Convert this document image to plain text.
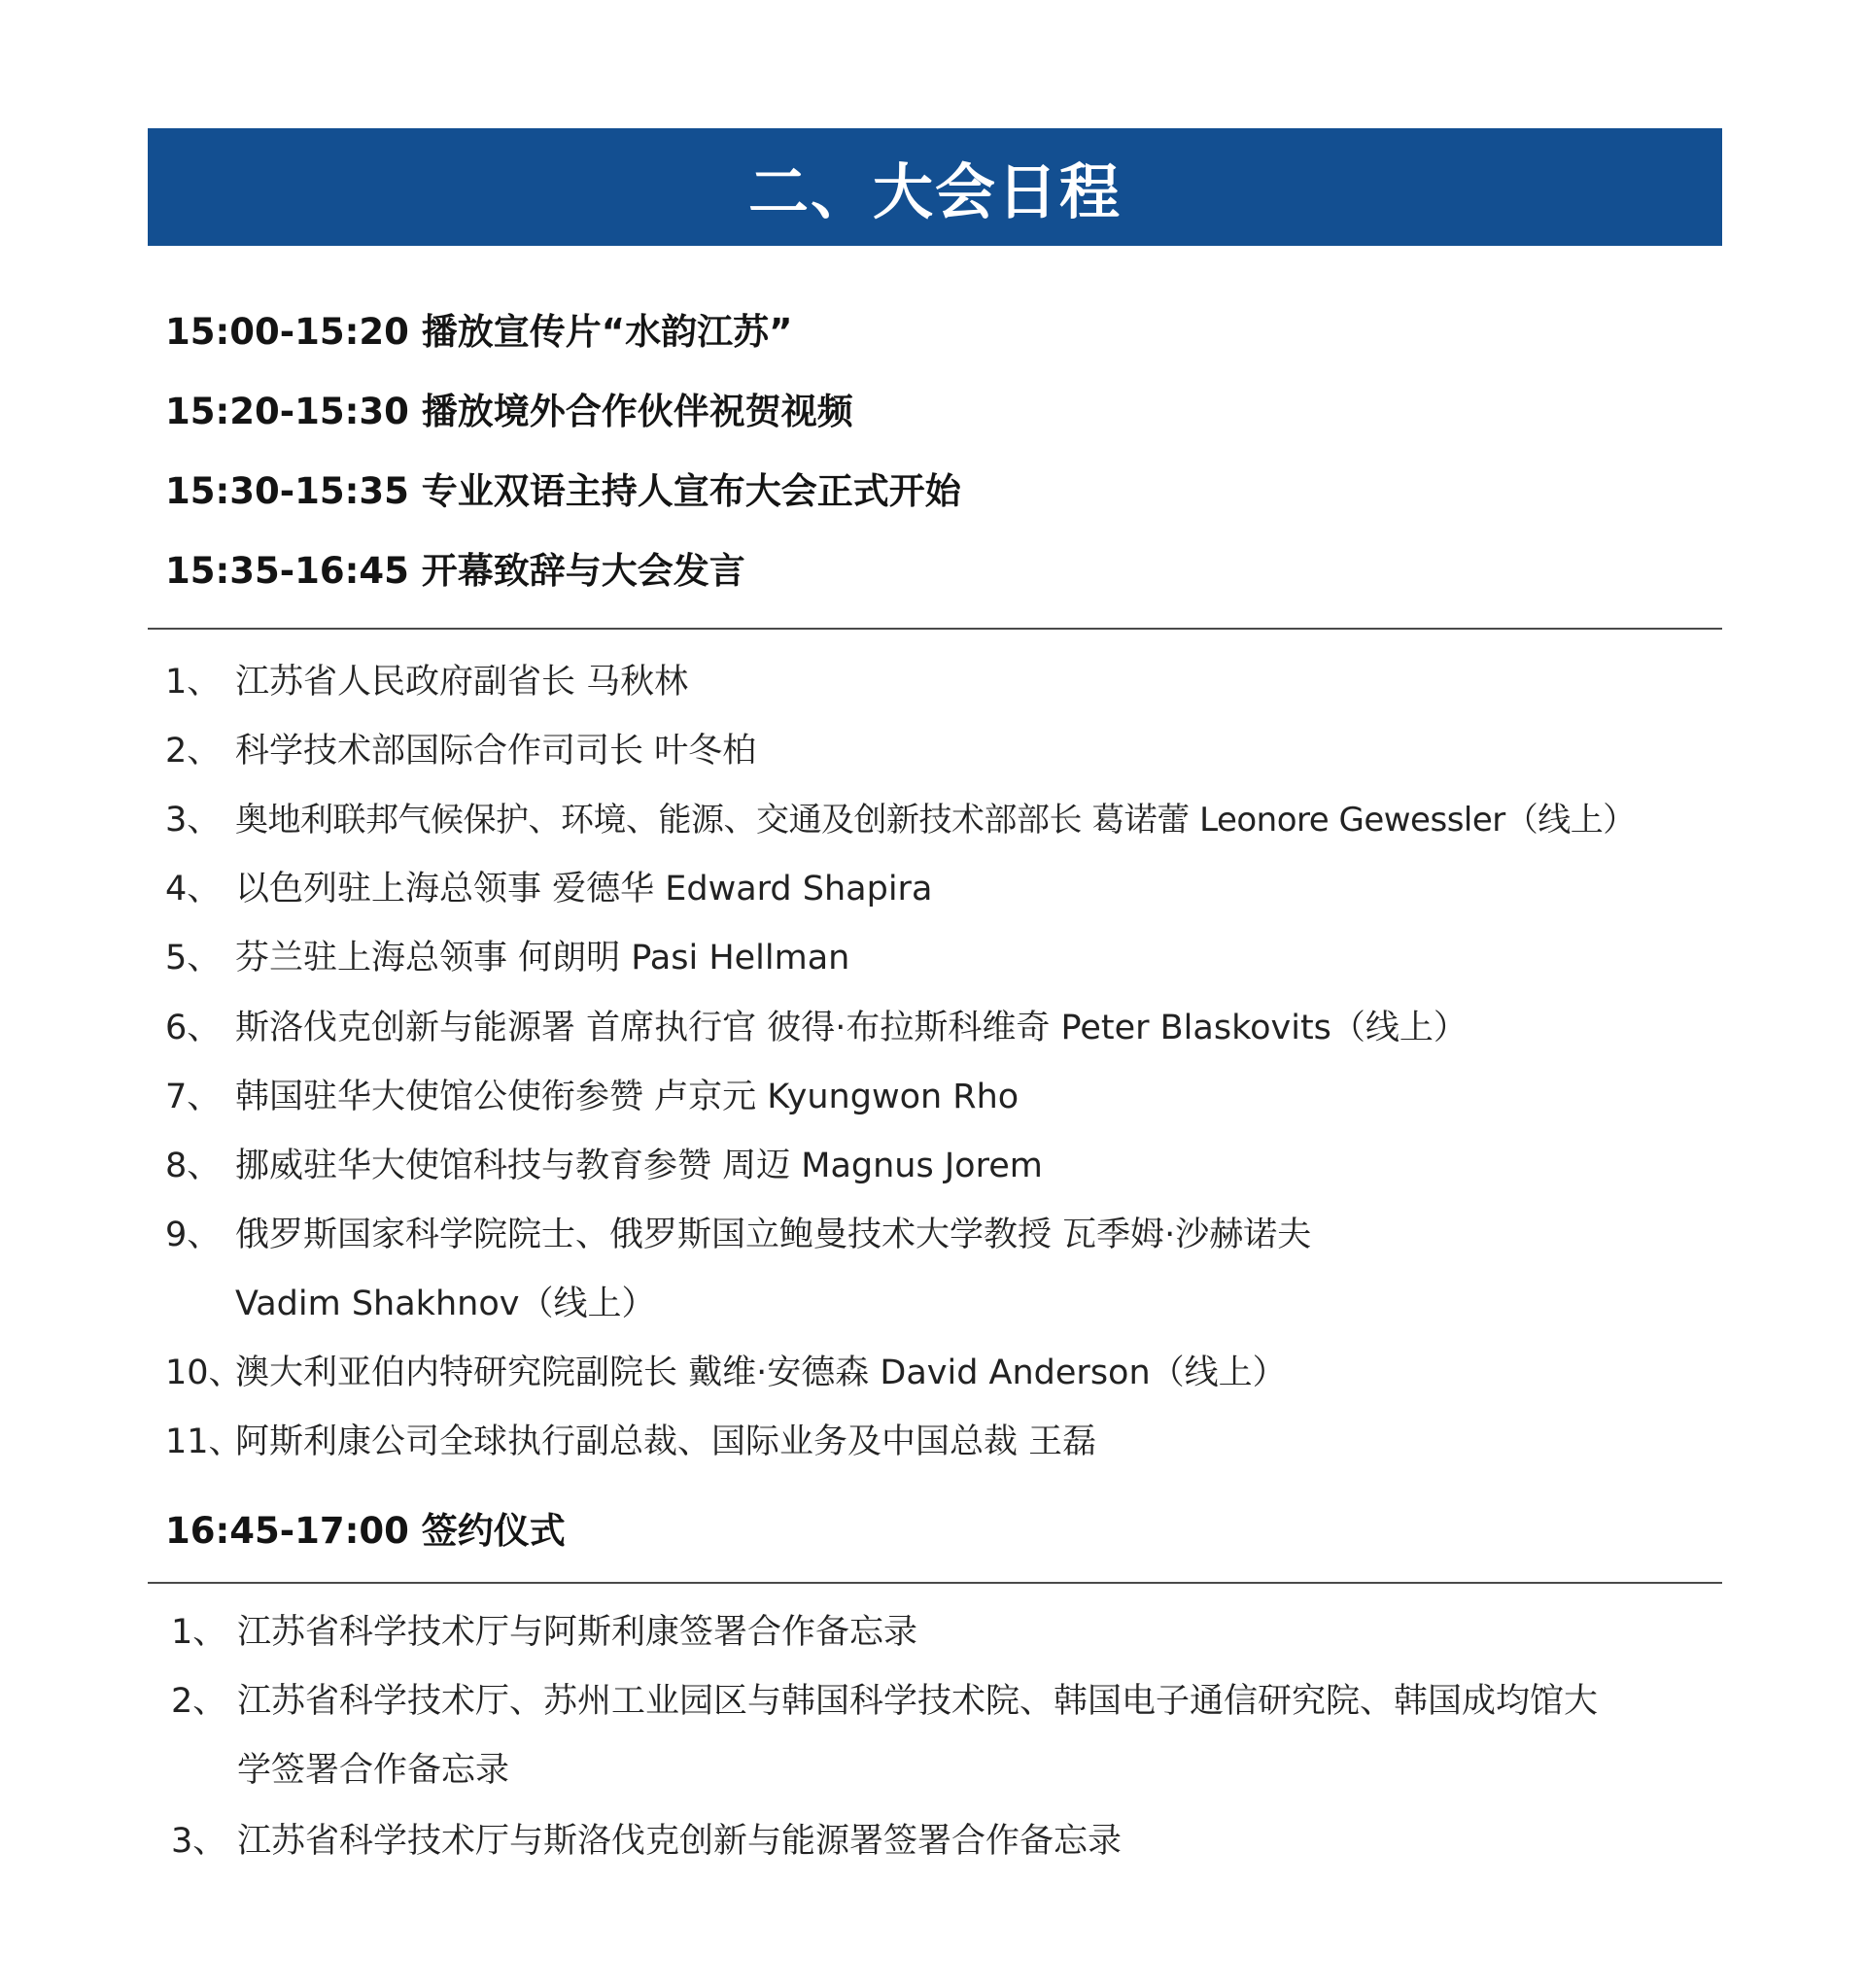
二、大会日程
15:00-15:20 播放宣传片“水韵江苏”
15:20-15:30 播放境外合作伙伴祝贺视频
15:30-15:35 专业双语主持人宣布大会正式开始
15:35-16:45 开幕致辞与大会发言
1、 江苏省人民政府副省长 马秋林
2、 科学技术部国际合作司司长 叶冬柏
3、 奥地利联邦气候保护、环境、能源、交通及创新技术部部长 葛诺蕾 Leonore Gewessler（线上）
4、 以色列驻上海总领事 爱德华 Edward Shapira
5、 芬兰驻上海总领事 何朗明 Pasi Hellman
6、 斯洛伐克创新与能源署 首席执行官 彼得·布拉斯科维奇 Peter Blaskovits（线上）
7、 韩国驻华大使馆公使衔参赞 卢京元 Kyungwon Rho
8、 挪威驻华大使馆科技与教育参赞 周迈 Magnus Jorem
9、 俄罗斯国家科学院院士、俄罗斯国立鲍曼技术大学教授 瓦季姆·沙赫诺夫
Vadim Shakhnov（线上）
10、
澳大利亚伯内特研究院副院长 戴维·安德森 David Anderson（线上）
11、
阿斯利康公司全球执行副总裁、国际业务及中国总裁 王磊
16:45-17:00 签约仪式
1、 江苏省科学技术厅与阿斯利康签署合作备忘录
2、 江苏省科学技术厅、苏州工业园区与韩国科学技术院、韩国电子通信研究院、韩国成均馆大
学签署合作备忘录
3、 江苏省科学技术厅与斯洛伐克创新与能源署签署合作备忘录
